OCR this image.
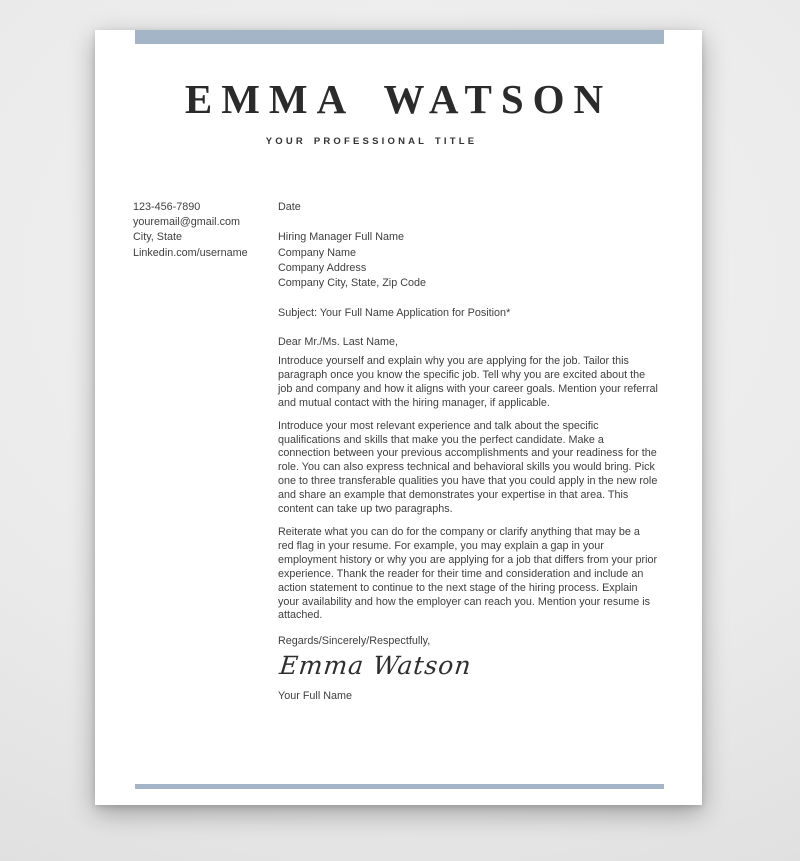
EMMA WATSON
YOUR PROFESSIONAL TITLE
123-456-7890
youremail@gmail.com
City, State
Linkedin.com/username
Date
Hiring Manager Full Name
Company Name
Company Address
Company City, State, Zip Code
Subject: Your Full Name Application for Position*
Dear Mr./Ms. Last Name,

Introduce yourself and explain why you are applying for the job. Tailor this paragraph once you know the specific job. Tell why you are excited about the job and company and how it aligns with your career goals. Mention your referral and mutual contact with the hiring manager, if applicable.

Introduce your most relevant experience and talk about the specific qualifications and skills that make you the perfect candidate. Make a connection between your previous accomplishments and your readiness for the role. You can also express technical and behavioral skills you would bring. Pick one to three transferable qualities you have that you could apply in the new role and share an example that demonstrates your expertise in that area. This content can take up two paragraphs.

Reiterate what you can do for the company or clarify anything that may be a red flag in your resume. For example, you may explain a gap in your employment history or why you are applying for a job that differs from your prior experience. Thank the reader for their time and consideration and include an action statement to continue to the next stage of the hiring process. Explain your availability and how the employer can reach you. Mention your resume is attached.

Regards/Sincerely/Respectfully,
Emma Watson
Your Full Name
